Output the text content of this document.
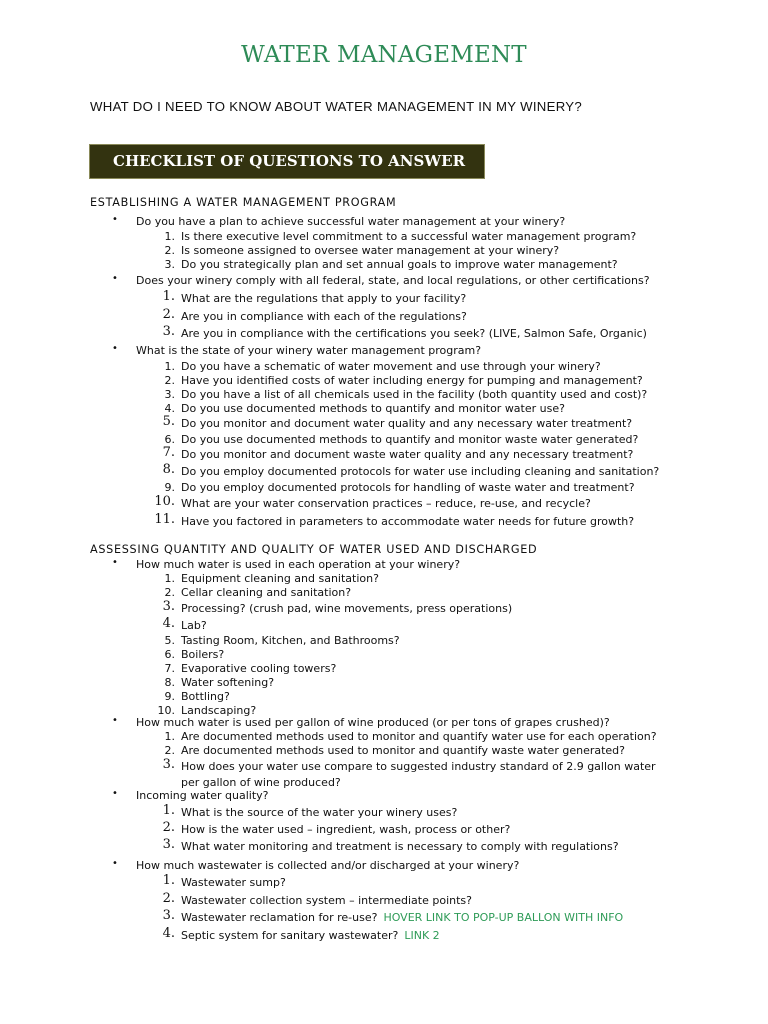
WATER MANAGEMENT
WHAT DO I NEED TO KNOW ABOUT WATER MANAGEMENT IN MY WINERY?
CHECKLIST OF QUESTIONS TO ANSWER
ESTABLISHING A WATER MANAGEMENT PROGRAM
ASSESSING QUANTITY AND QUALITY OF WATER USED AND DISCHARGED
• Do you have a plan to achieve successful water management at your winery?
1. Is there executive level commitment to a successful water management program?
2. Is someone assigned to oversee water management at your winery?
3. Do you strategically plan and set annual goals to improve water management?
• Does your winery comply with all federal, state, and local regulations, or other certifications?
1. What are the regulations that apply to your facility?
2. Are you in compliance with each of the regulations?
3. Are you in compliance with the certifications you seek? (LIVE, Salmon Safe, Organic)
• What is the state of your winery water management program?
1. Do you have a schematic of water movement and use through your winery?
2. Have you identified costs of water including energy for pumping and management?
3. Do you have a list of all chemicals used in the facility (both quantity used and cost)?
4. Do you use documented methods to quantify and monitor water use?
5. Do you monitor and document water quality and any necessary water treatment?
6. Do you use documented methods to quantify and monitor waste water generated?
7. Do you monitor and document waste water quality and any necessary treatment?
8. Do you employ documented protocols for water use including cleaning and sanitation?
9. Do you employ documented protocols for handling of waste water and treatment?
10. What are your water conservation practices – reduce, re-use, and recycle?
11. Have you factored in parameters to accommodate water needs for future growth?
• How much water is used in each operation at your winery?
1. Equipment cleaning and sanitation?
2. Cellar cleaning and sanitation?
3. Processing? (crush pad, wine movements, press operations)
4. Lab?
5. Tasting Room, Kitchen, and Bathrooms?
6. Boilers?
7. Evaporative cooling towers?
8. Water softening?
9. Bottling?
10. Landscaping?
• How much water is used per gallon of wine produced (or per tons of grapes crushed)?
1. Are documented methods used to monitor and quantify water use for each operation?
2. Are documented methods used to monitor and quantify waste water generated?
3. How does your water use compare to suggested industry standard of 2.9 gallon water
per gallon of wine produced?
• Incoming water quality?
1. What is the source of the water your winery uses?
2. How is the water used – ingredient, wash, process or other?
3. What water monitoring and treatment is necessary to comply with regulations?
• How much wastewater is collected and/or discharged at your winery?
1. Wastewater sump?
2. Wastewater collection system – intermediate points?
3. Wastewater reclamation for re-use? HOVER LINK TO POP-UP BALLON WITH INFO
4. Septic system for sanitary wastewater? LINK 2
